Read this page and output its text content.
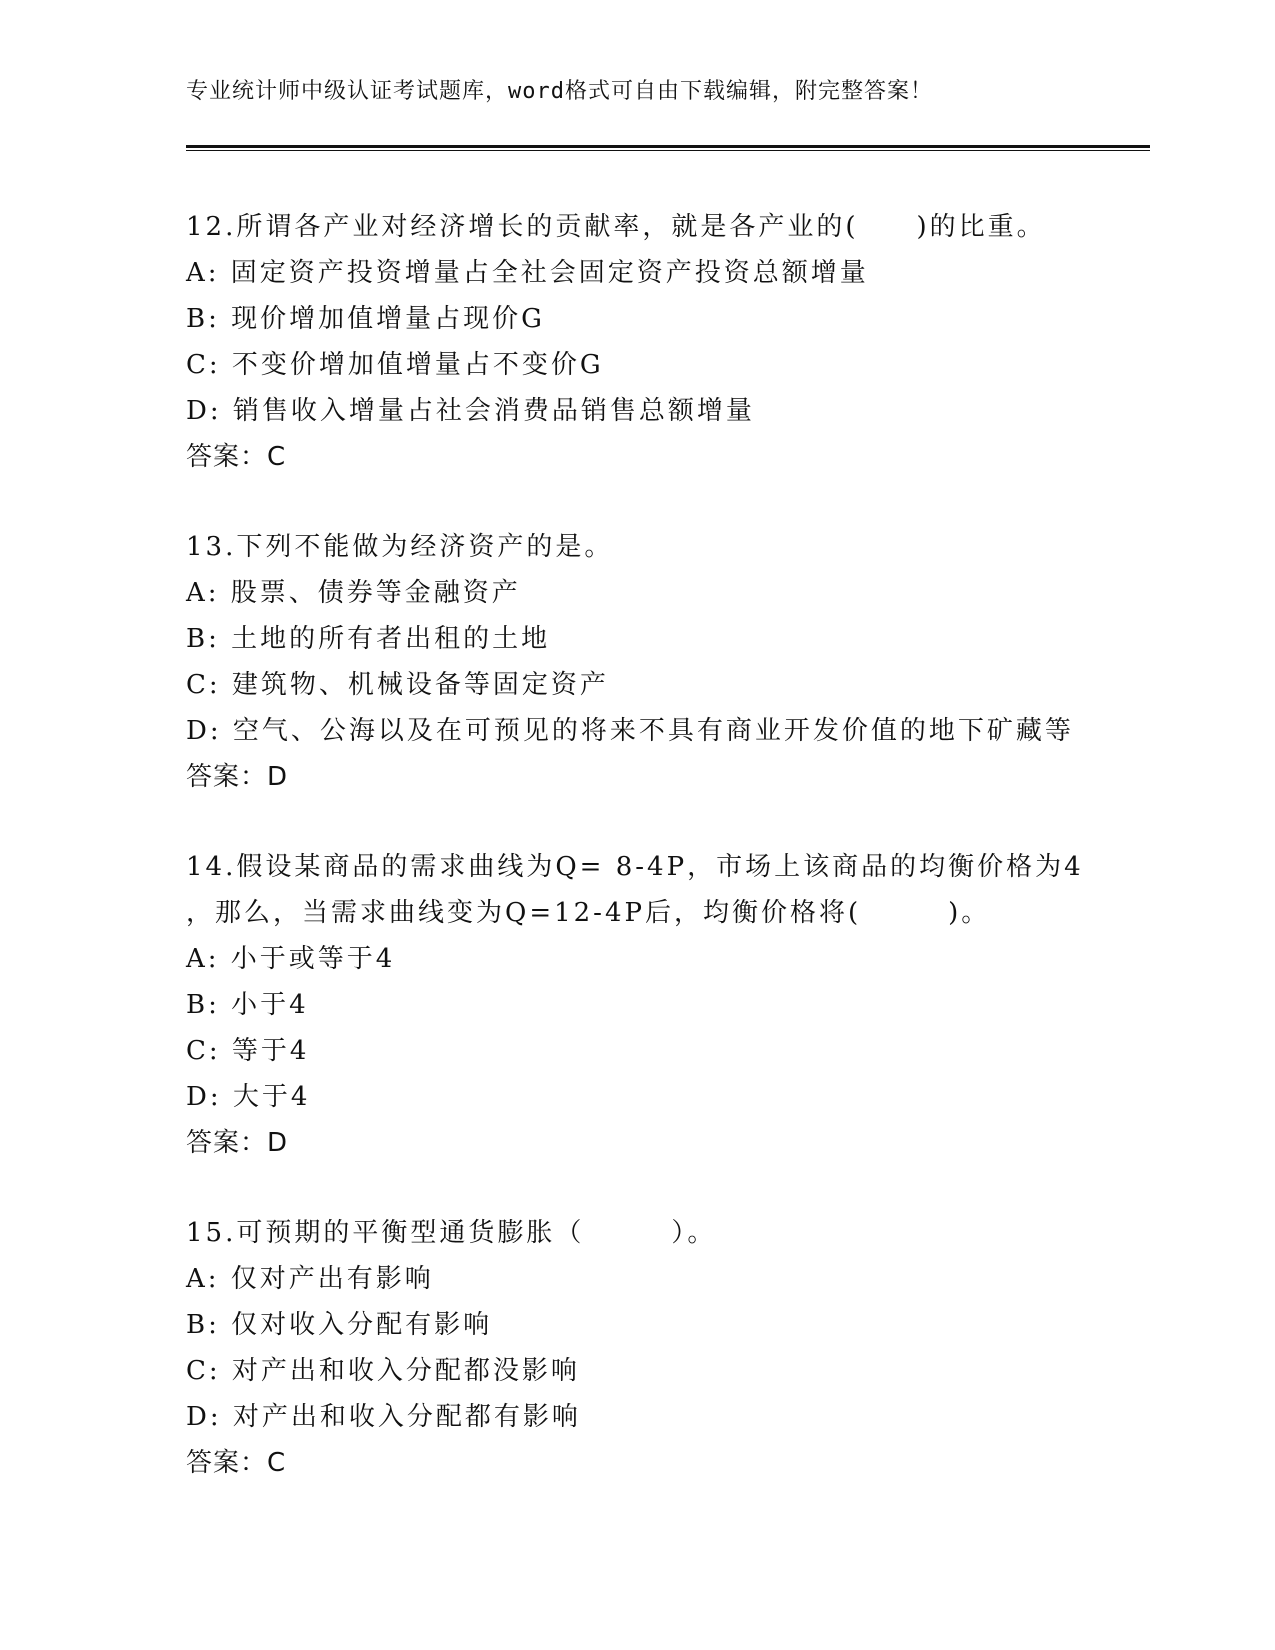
专业统计师中级认证考试题库，word格式可自由下载编辑，附完整答案！
12.所谓各产业对经济增长的贡献率，就是各产业的(　　)的比重。
A: 固定资产投资增量占全社会固定资产投资总额增量
B: 现价增加值增量占现价G
C: 不变价增加值增量占不变价G
D: 销售收入增量占社会消费品销售总额增量
答案：C
13.下列不能做为经济资产的是。
A: 股票、债券等金融资产
B: 土地的所有者出租的土地
C: 建筑物、机械设备等固定资产
D: 空气、公海以及在可预见的将来不具有商业开发价值的地下矿藏等
答案：D
14.假设某商品的需求曲线为Q= 8-4P，市场上该商品的均衡价格为4
，那么，当需求曲线变为Q=12-4P后，均衡价格将(　　　)。
A: 小于或等于4
B: 小于4
C: 等于4
D: 大于4
答案：D
15.可预期的平衡型通货膨胀（　　　）。
A: 仅对产出有影响
B: 仅对收入分配有影响
C: 对产出和收入分配都没影响
D: 对产出和收入分配都有影响
答案：C
